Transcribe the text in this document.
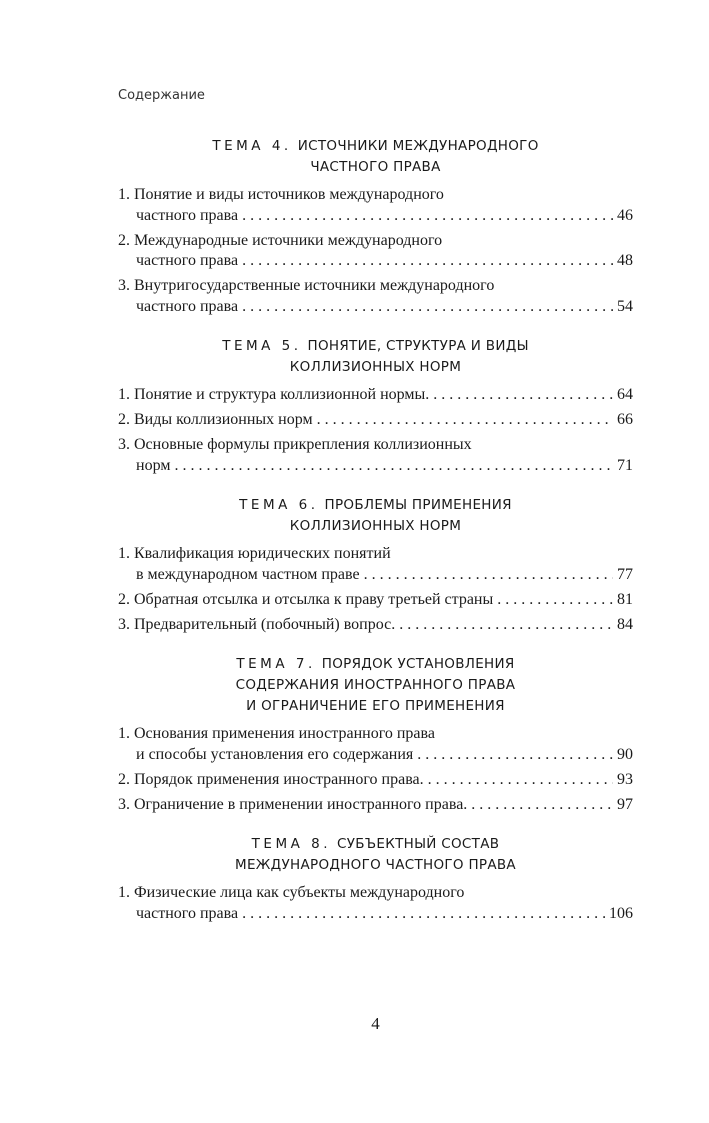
Содержание
ТЕМА 4. ИСТОЧНИКИ МЕЖДУНАРОДНОГО
ЧАСТНОГО ПРАВА
1. Понятие и виды источников международного
частного права . . .	46
2. Международные источники международного
частного права . . .	48
3. Внутригосударственные источники международного
частного права . . .	54
ТЕМА 5. ПОНЯТИЕ, СТРУКТУРА И ВИДЫ
КОЛЛИЗИОННЫХ НОРМ
1. Понятие и структура коллизионной нормы. . . .	64
2. Виды коллизионных норм . . .	66
3. Основные формулы прикрепления коллизионных
норм . . .	71
ТЕМА 6. ПРОБЛЕМЫ ПРИМЕНЕНИЯ
КОЛЛИЗИОННЫХ НОРМ
1. Квалификация юридических понятий
в международном частном праве . . .	77
2. Обратная отсылка и отсылка к праву третьей страны . . .	81
3. Предварительный (побочный) вопрос. . . .	84
ТЕМА 7. ПОРЯДОК УСТАНОВЛЕНИЯ
СОДЕРЖАНИЯ ИНОСТРАННОГО ПРАВА
И ОГРАНИЧЕНИЕ ЕГО ПРИМЕНЕНИЯ
1. Основания применения иностранного права
и способы установления его содержания . . .	90
2. Порядок применения иностранного права. . . .	93
3. Ограничение в применении иностранного права. . . .	97
ТЕМА 8. СУБЪЕКТНЫЙ СОСТАВ
МЕЖДУНАРОДНОГО ЧАСТНОГО ПРАВА
1. Физические лица как субъекты международного
частного права . . .	106
4
